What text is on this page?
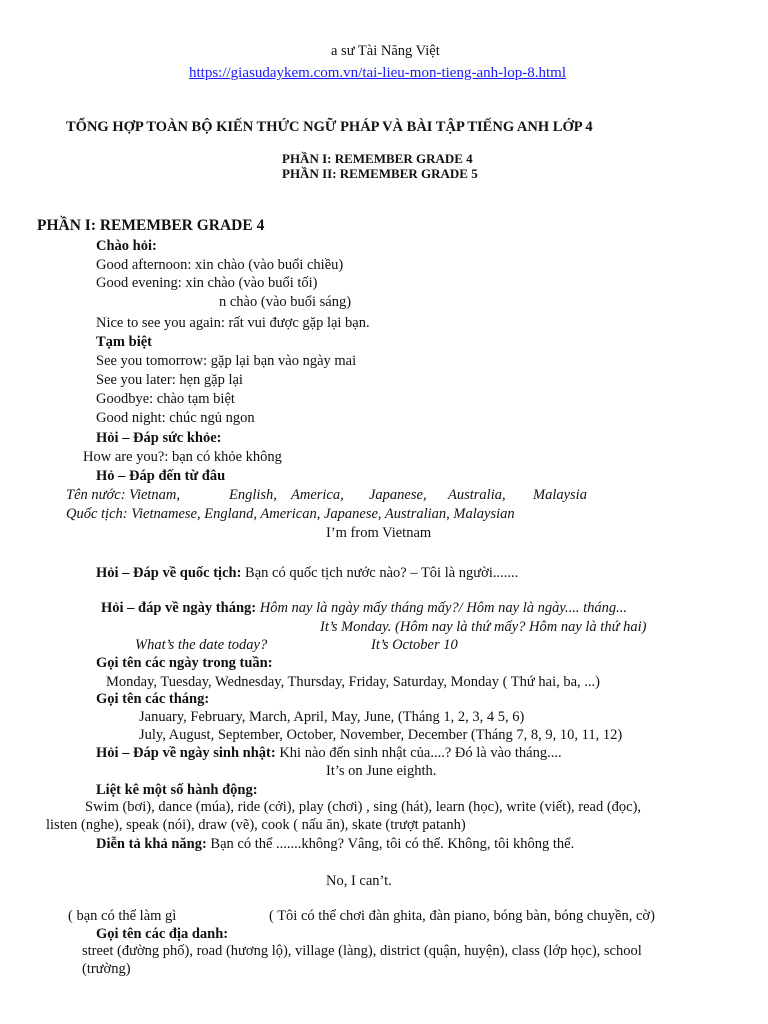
a sư Tài Năng Việt
https://giasudaykem.com.vn/tai-lieu-mon-tieng-anh-lop-8.html
TỔNG HỢP TOÀN BỘ KIẾN THỨC NGỮ PHÁP VÀ BÀI TẬP TIẾNG ANH LỚP 4
PHẦN I: REMEMBER GRADE 4
PHẦN II: REMEMBER GRADE 5
PHẦN I: REMEMBER GRADE 4
Chào hỏi:
Good afternoon: xin chào (vào buổi chiều)
Good evening: xin chào (vào buổi tối)
n chào (vào buổi sáng)
Nice to see you again: rất vui được gặp lại bạn.
Tạm biệt
See you tomorrow: gặp lại bạn vào ngày mai
See you later: hẹn gặp lại
Goodbye: chào tạm biệt
Good night: chúc ngủ ngon
Hỏi – Đáp sức khỏe:
How are you?: bạn có khỏe không
Hỏ – Đáp đến từ đâu
Tên nước: Vietnam,	English, America, Japanese, Australia, Malaysia
Quốc tịch: Vietnamese, England, American, Japanese, Australian, Malaysian
I’m from Vietnam
Hỏi – Đáp về quốc tịch: Bạn có quốc tịch nước nào? – Tôi là người.......
Hỏi – đáp về ngày tháng: Hôm nay là ngày mấy tháng mấy?/ Hôm nay là ngày.... tháng...
It’s Monday. (Hôm nay là thứ mấy? Hôm nay là thứ hai)
What’s the date today?	It’s October 10
Gọi tên các ngày trong tuần:
Monday, Tuesday, Wednesday, Thursday, Friday, Saturday, Monday ( Thứ hai, ba, ...)
Gọi tên các tháng:
January, February, March, April, May, June, (Tháng 1, 2, 3, 4 5, 6)
July, August, September, October, November, December (Tháng 7, 8, 9, 10, 11, 12)
Hỏi – Đáp về ngày sinh nhật: Khi nào đến sinh nhật của....? Đó là vào tháng....
It’s on June eighth.
Liệt kê một số hành động:
Swim (bơi), dance (múa), ride (cởi), play (chơi) , sing (hát), learn (học), write (viết), read (đọc),
listen (nghe), speak (nói), draw (vẽ), cook ( nấu ăn), skate (trượt patanh)
Diễn tả khả năng: Bạn có thể .......không? Vâng, tôi có thể. Không, tôi không thể.
No, I can’t.
( bạn có thể làm gì	( Tôi có thể chơi đàn ghita, đàn piano, bóng bàn, bóng chuyền, cờ)
Gọi tên các địa danh:
street (đường phố), road (hương lộ), village (làng), district (quận, huyện), class (lớp học), school
(trường)
